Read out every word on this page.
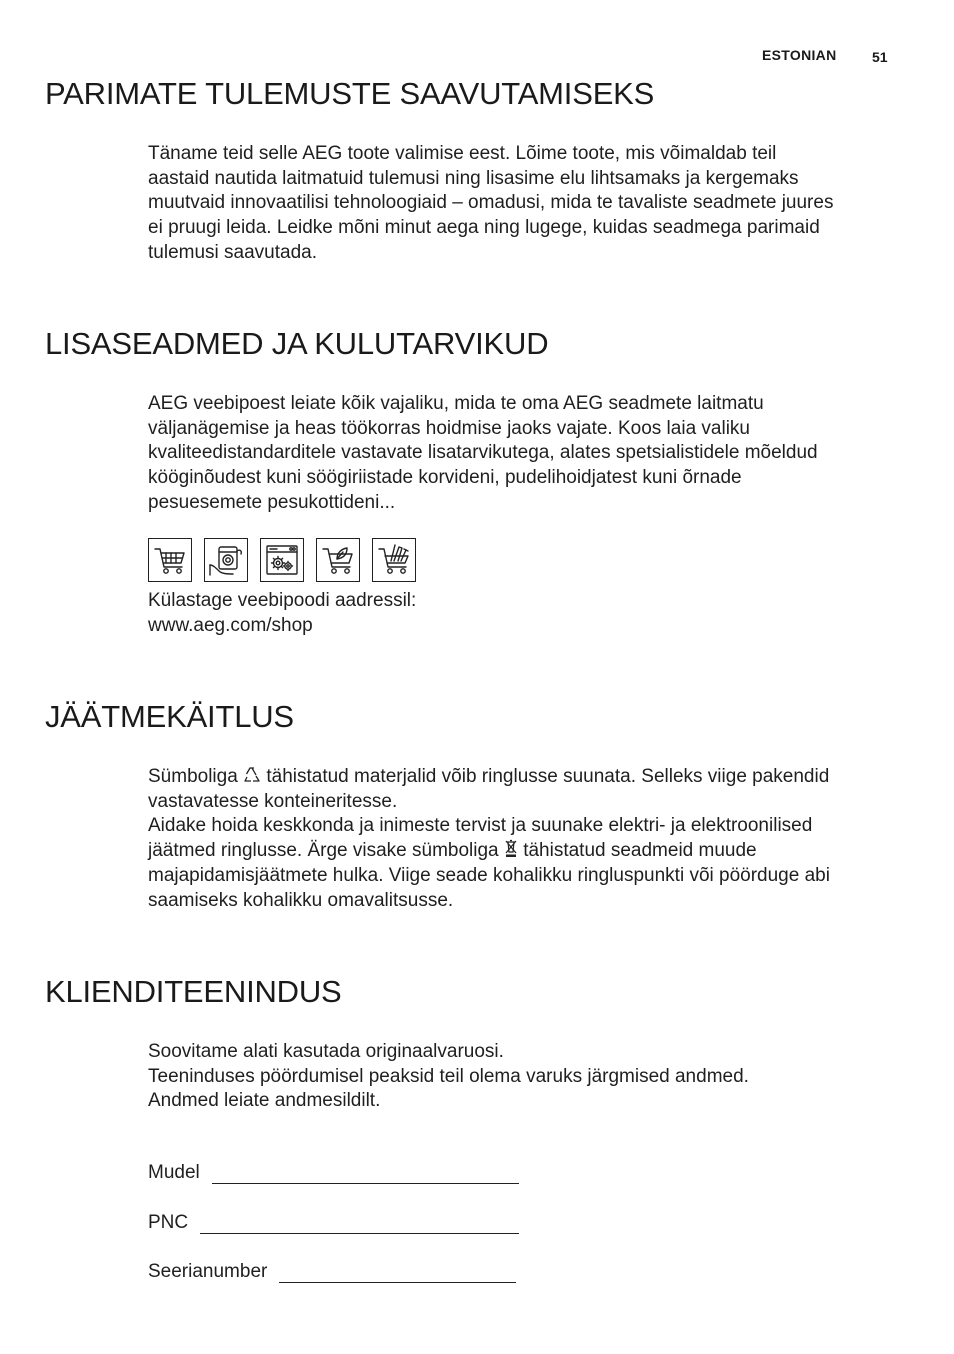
ESTONIAN	51
PARIMATE TULEMUSTE SAAVUTAMISEKS
Täname teid selle AEG toote valimise eest. Lõime toote, mis võimaldab teil
aastaid nautida laitmatuid tulemusi ning lisasime elu lihtsamaks ja kergemaks
muutvaid innovaatilisi tehnoloogiaid – omadusi, mida te tavaliste seadmete juures
ei pruugi leida. Leidke mõni minut aega ning lugege, kuidas seadmega parimaid
tulemusi saavutada.
LISASEADMED JA KULUTARVIKUD
AEG veebipoest leiate kõik vajaliku, mida te oma AEG seadmete laitmatu
väljanägemise ja heas töökorras hoidmise jaoks vajate. Koos laia valiku
kvaliteedistandarditele vastavate lisatarvikutega, alates spetsialistidele mõeldud
kööginõudest kuni söögiriistade korvideni, pudelihoidjatest kuni õrnade
pesuesemete pesukottideni...
Külastage veebipoodi aadressil:
www.aeg.com/shop
JÄÄTMEKÄITLUS
Sümboliga tähistatud materjalid võib ringlusse suunata. Selleks viige pakendid
vastavatesse konteineritesse.
Aidake hoida keskkonda ja inimeste tervist ja suunake elektri- ja elektroonilised
jäätmed ringlusse. Ärge visake sümboliga tähistatud seadmeid muude
majapidamisjäätmete hulka. Viige seade kohalikku ringluspunkti või pöörduge abi
saamiseks kohalikku omavalitsusse.
KLIENDITEENINDUS
Soovitame alati kasutada originaalvaruosi.
Teeninduses pöördumisel peaksid teil olema varuks järgmised andmed.
Andmed leiate andmesildilt.
Mudel
PNC
Seerianumber
